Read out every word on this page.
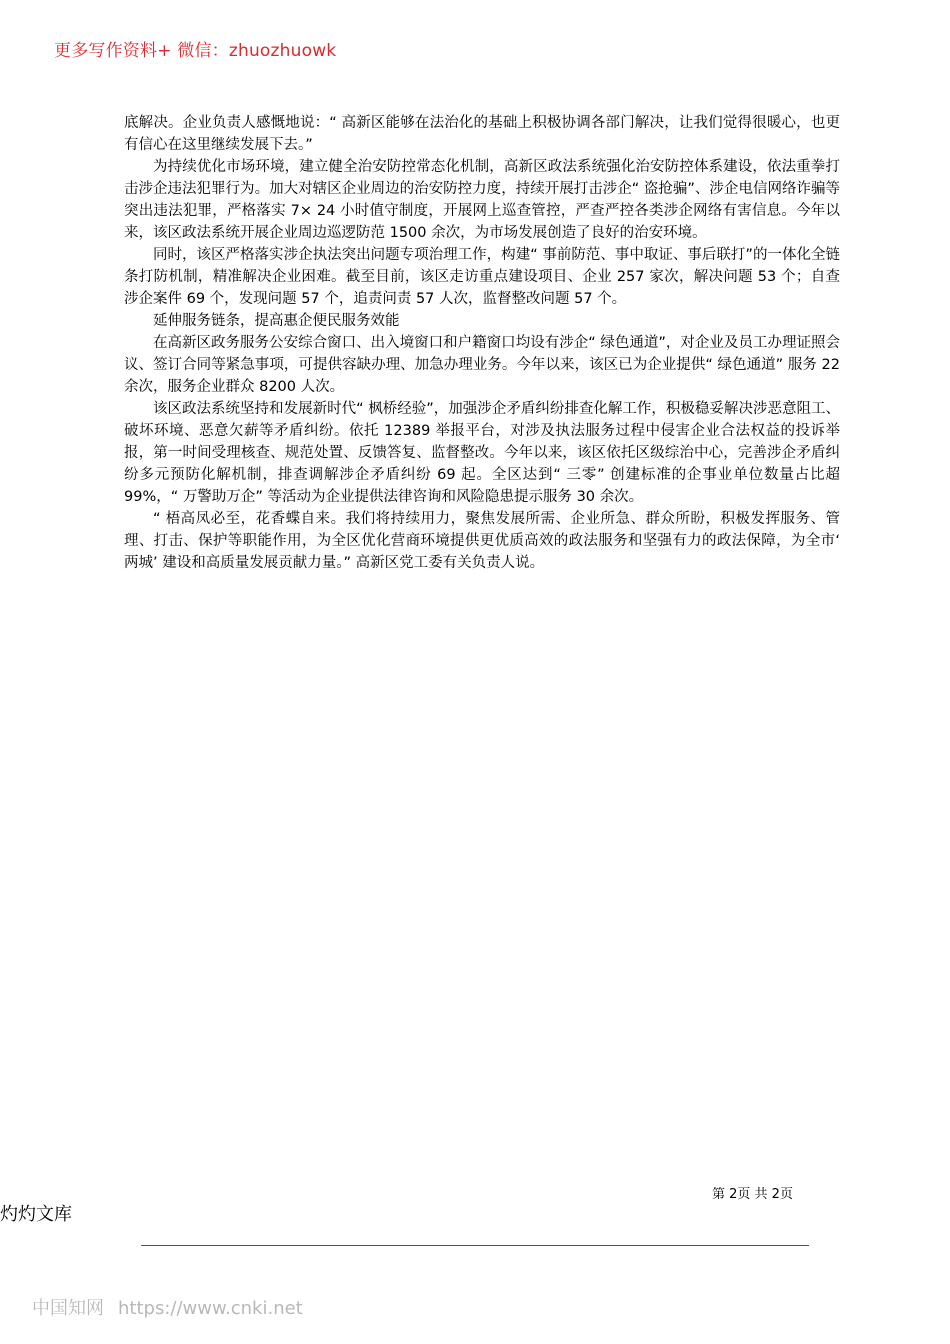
更多写作资料+ 微信：zhuozhuowk

底解决。企业负责人感慨地说：“ 高新区能够在法治化的基础上积极协调各部门解决，让我们觉得很暖心，也更有信心在这里继续发展下去。”

为持续优化市场环境，建立健全治安防控常态化机制，高新区政法系统强化治安防控体系建设，依法重拳打击涉企违法犯罪行为。加大对辖区企业周边的治安防控力度，持续开展打击涉企“ 盗抢骗”、涉企电信网络诈骗等突出违法犯罪，严格落实 7× 24 小时值守制度，开展网上巡查管控，严查严控各类涉企网络有害信息。今年以来，该区政法系统开展企业周边巡逻防范 1500 余次，为市场发展创造了良好的治安环境。

同时，该区严格落实涉企执法突出问题专项治理工作，构建“ 事前防范、事中取证、事后联打”的一体化全链条打防机制，精准解决企业困难。截至目前，该区走访重点建设项目、企业 257 家次，解决问题 53 个；自查涉企案件 69 个，发现问题 57 个，追责问责 57 人次，监督整改问题 57 个。

延伸服务链条，提高惠企便民服务效能

在高新区政务服务公安综合窗口、出入境窗口和户籍窗口均设有涉企“ 绿色通道”，对企业及员工办理证照会议、签订合同等紧急事项，可提供容缺办理、加急办理业务。今年以来，该区已为企业提供“ 绿色通道” 服务 22 余次，服务企业群众 8200 人次。

该区政法系统坚持和发展新时代“ 枫桥经验”，加强涉企矛盾纠纷排查化解工作，积极稳妥解决涉恶意阻工、破坏环境、恶意欠薪等矛盾纠纷。依托 12389 举报平台，对涉及执法服务过程中侵害企业合法权益的投诉举报，第一时间受理核查、规范处置、反馈答复、监督整改。今年以来，该区依托区级综治中心，完善涉企矛盾纠纷多元预防化解机制，排查调解涉企矛盾纠纷 69 起。全区达到“ 三零” 创建标准的企事业单位数量占比超 99%，“ 万警助万企” 等活动为企业提供法律咨询和风险隐患提示服务 30 余次。

“ 梧高凤必至，花香蝶自来。我们将持续用力，聚焦发展所需、企业所急、群众所盼，积极发挥服务、管理、打击、保护等职能作用，为全区优化营商环境提供更优质高效的政法服务和坚强有力的政法保障，为全市‘ 两城’ 建设和高质量发展贡献力量。” 高新区党工委有关负责人说。

第 2页 共 2页
灼灼文库
中国知网 https://www.cnki.net
